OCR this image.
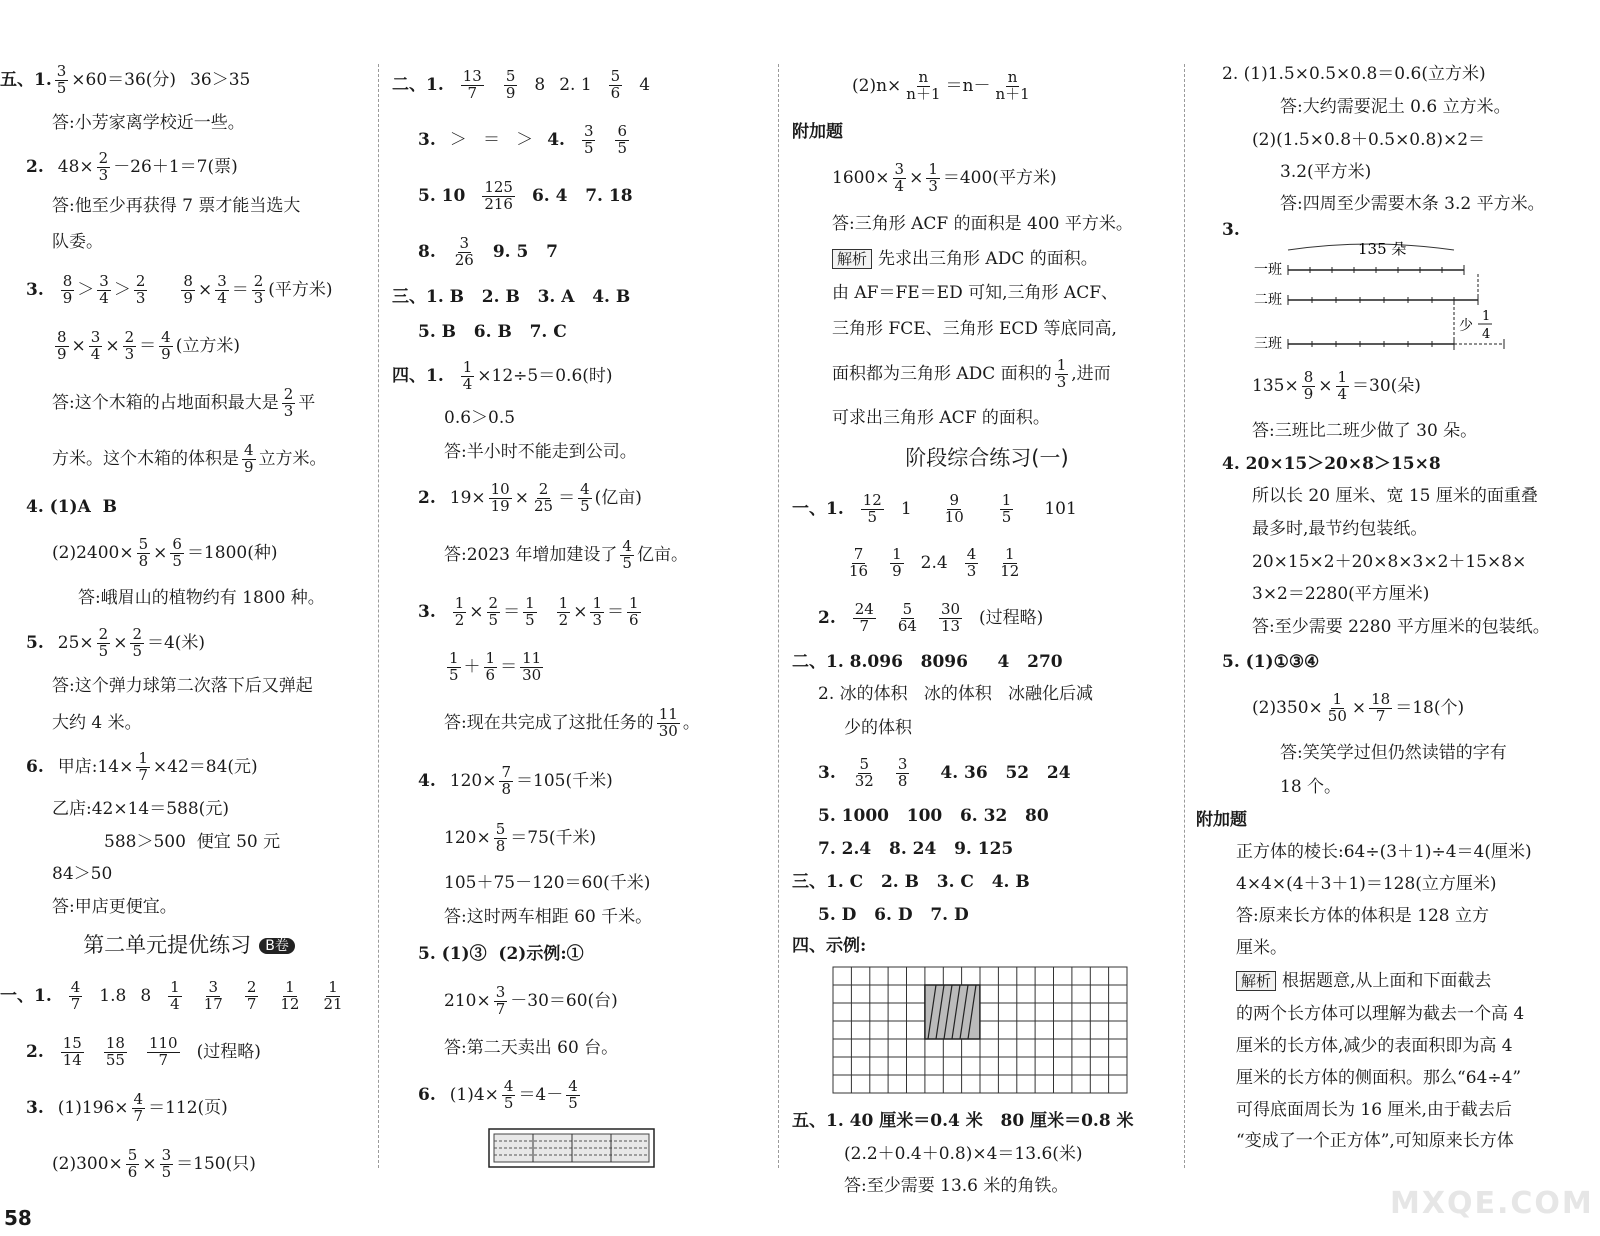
五、1. $\frac{3}{5} \times 60=36$(分) 36＞35
答:小芳家离学校近一些。
2. $48\times \frac{2}{3} -26+1=7$(票)
答:他至少再获得 7 票才能当选大
队委。
3. $\frac{8}{9} > \frac{3}{4} > \frac{2}{3} \frac{8}{9} \times \frac{3}{4} = \frac{2}{3}$ (平方米)
$\frac{8}{9} \times \frac{3}{4} \times \frac{2}{3} = \frac{4}{9}$ (立方米)
答:这个木箱的占地面积最大是 $\frac{2}{3}$ 平
方米。这个木箱的体积是 $\frac{4}{9}$ 立方米。
4. (1)A  B
$(2)2400\times \frac{5}{8} \times \frac{6}{5} =1800$(种)
答:峨眉山的植物约有 1800 种。
5. $25\times \frac{2}{5} \times \frac{2}{5} =4$(米)
答:这个弹力球第二次落下后又弹起
大约 4 米。
6. 甲店:14× $\frac{1}{7} \times 42=84$(元)
乙店:42×14＝588(元)
588＞500  便宜 50 元
84＞50
答:甲店更便宜。
第二单元提优练习	B卷
一、1. $\frac{4}{7} 1.8$ $8 \frac{1}{4} \frac{3}{17} \frac{2}{7} \frac{1}{12} \frac{1}{21}$
2. $\frac{15}{14} \frac{18}{55} \frac{110}{7}$ (过程略)
3. $(1)196\times \frac{4}{7} =112$(页)
$(2)300\times \frac{5}{6} \times \frac{3}{5} =150$(只)
二、1. $\frac{13}{7} \frac{5}{9} 8$ 2. $1 \frac{5}{6} 4$
3. ＞   ＝   ＞ 4. $\frac{3}{5} \frac{6}{5}$
5. $10 \frac{125}{216} 6$. 4   7. 18
8. $\frac{3}{26} 9$. 5   7
三、1. B   2. B   3. A   4. B
5. B   6. B   7. C
四、1. $\frac{1}{4} \times 12\div 5=0.6$(时)
0.6＞0.5
答:半小时不能走到公司。
2. $19\times \frac{10}{19} \times \frac{2}{25} = \frac{4}{5}$ (亿亩)
答:2023 年增加建设了 $\frac{4}{5}$ 亿亩。
3. $\frac{1}{2} \times \frac{2}{5} = \frac{1}{5} \frac{1}{2} \times \frac{1}{3} = \frac{1}{6}$
$\frac{1}{5} + \frac{1}{6} = \frac{11}{30}$
答:现在共完成了这批任务的 $\frac{11}{30}$ 。
4. $120\times \frac{7}{8} =105$(千米)
$120\times \frac{5}{8} =75$(千米)
105＋75－120＝60(千米)
答:这时两车相距 60 千米。
5. (1)③  (2)示例:①
$210\times \frac{3}{7} -30=60$(台)
答:第二天卖出 60 台。
6. $(1)4\times \frac{4}{5} =4- \frac{4}{5}$
$(2)n\times \frac{n}{n+1} =n- \frac{n}{n+1}$
附加题
$1600\times \frac{3}{4} \times \frac{1}{3} =400$(平方米)
答:三角形 ACF 的面积是 400 平方米。
解析 先求出三角形 ADC 的面积。
由 AF＝FE＝ED 可知,三角形 ACF、
三角形 FCE、三角形 ECD 等底同高,
面积都为三角形 ADC 面积的 $\frac{1}{3}$ ,进而
可求出三角形 ACF 的面积。
阶段综合练习(一)
一、1. $\frac{12}{5} 1 \frac{9}{10} \frac{1}{5} 101$
$\frac{7}{16} \frac{1}{9} 2.4 \frac{4}{3} \frac{1}{12}$
2. $\frac{24}{7} \frac{5}{64} \frac{30}{13}$ (过程略)
二、1. 8.096   8096     4   270
2. 冰的体积   冰的体积   冰融化后减
少的体积
3. $\frac{5}{32} \frac{3}{8} 4$. 36   52   24
5. 1000   100   6. 32   80
7. 2.4   8. 24   9. 125
三、1. C   2. B   3. C   4. B
5. D   6. D   7. D
四、示例:
五、1. 40 厘米＝0.4 米   80 厘米＝0.8 米
(2.2＋0.4＋0.8)×4＝13.6(米)
答:至少需要 13.6 米的角铁。
2. (1)1.5×0.5×0.8＝0.6(立方米)
答:大约需要泥土 0.6 立方米。
(2)(1.5×0.8＋0.5×0.8)×2＝
3.2(平方米)
答:四周至少需要木条 3.2 平方米。
3.
135 朵
一班
二班
少
1
4
三班
$135\times \frac{8}{9} \times \frac{1}{4} =30$(朵)
答:三班比二班少做了 30 朵。
4. 20×15＞20×8＞15×8
所以长 20 厘米、宽 15 厘米的面重叠
最多时,最节约包装纸。
20×15×2＋20×8×3×2＋15×8×
3×2＝2280(平方厘米)
答:至少需要 2280 平方厘米的包装纸。
5. (1)①③④
$(2)350\times \frac{1}{50} \times \frac{18}{7} =18$(个)
答:笑笑学过但仍然读错的字有
18 个。
附加题
正方体的棱长:64÷(3＋1)÷4＝4(厘米)
4×4×(4＋3＋1)＝128(立方厘米)
答:原来长方体的体积是 128 立方
厘米。
解析 根据题意,从上面和下面截去
的两个长方体可以理解为截去一个高 4
厘米的长方体,减少的表面积即为高 4
厘米的长方体的侧面积。那么“64÷4”
可得底面周长为 16 厘米,由于截去后
“变成了一个正方体”,可知原来长方体
58	MXQE.COM
